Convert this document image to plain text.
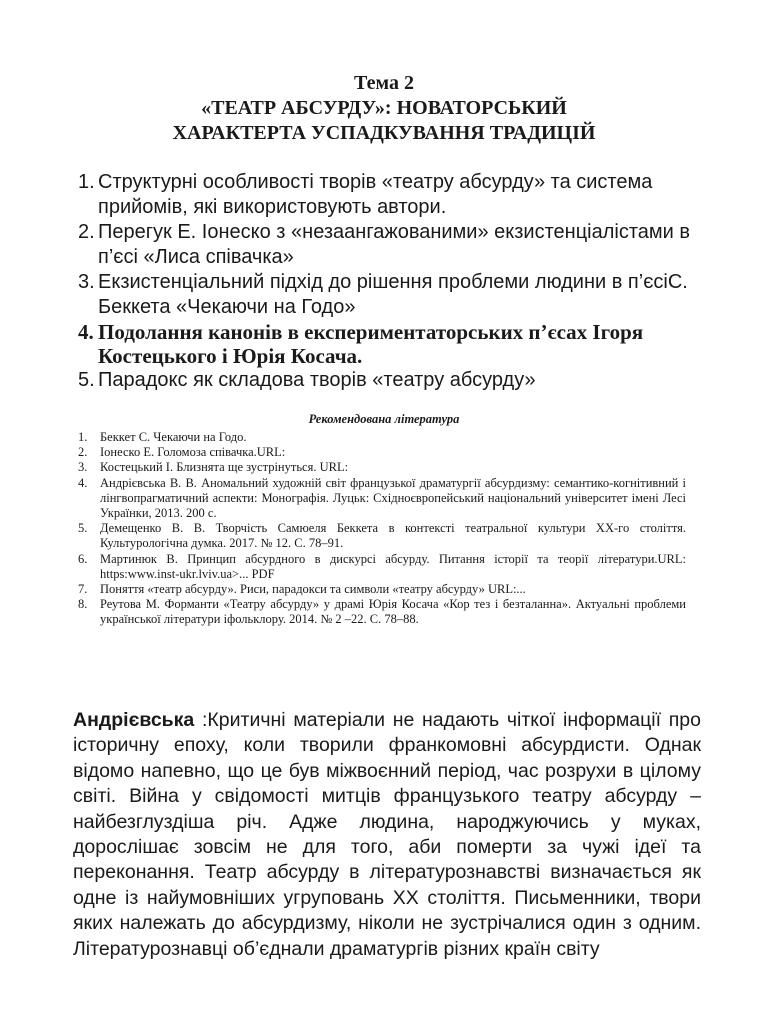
Тема 2
«ТЕАТР АБСУРДУ»: НОВАТОРСЬКИЙ
ХАРАКТЕРТА УСПАДКУВАННЯ ТРАДИЦІЙ
1. Структурні особливості творів «театру абсурду» та система прийомів, які використовують автори.
2. Перегук Е. Іонеско з «незаангажованими» екзистенціалістами в п’єсі «Лиса співачка»
3. Екзистенціальний підхід до рішення проблеми людини в п’єсіС. Беккета «Чекаючи на Годо»
4. Подолання канонів в експериментаторських п’єсах Ігоря Костецького і Юрія Косача.
5. Парадокс як складова творів «театру абсурду»
Рекомендована література
1. Беккет С. Чекаючи на Годо.
2. Іонеско Е. Голомоза співачка.URL:
3. Костецький І. Близнята ще зустрінуться. URL:
4. Андрієвська В. В. Аномальний художній світ французької драматургії абсурдизму: семантико-когнітивний і лінгвопрагматичний аспекти: Монографія. Луцьк: Східноєвропейський національний університет імені Лесі Українки, 2013. 200 с.
5. Демещенко В. В. Творчість Самюеля Беккета в контексті театральної культури ХХ-го століття. Культурологічна думка. 2017. № 12. С. 78–91.
6. Мартинюк В. Принцип абсурдного в дискурсі абсурду. Питання історії та теорії літератури.URL: https:www.inst-ukr.lviv.ua>... PDF
7. Поняття «театр абсурду». Риси, парадокси та символи «театру абсурду» URL:...
8. Реутова М. Форманти «Театру абсурду» у драмі Юрія Косача «Кор тез і безталанна». Актуальні проблеми української літератури іфольклору. 2014. № 2 –22. С. 78–88.

Андрієвська :Критичні матеріали не надають чіткої інформації про історичну епоху, коли творили франкомовні абсурдисти. Однак відомо напевно, що це був міжвоєнний період, час розрухи в цілому світі. Війна у свідомості митців французького театру абсурду – найбезглуздіша річ. Адже людина, народжуючись у муках, дорослішає зовсім не для того, аби померти за чужі ідеї та переконання. Театр абсурду в літературознавстві визначається як одне із найумовніших угруповань ХХ століття. Письменники, твори яких належать до абсурдизму, ніколи не зустрічалися один з одним. Літературознавці об’єднали драматургів різних країн світу
